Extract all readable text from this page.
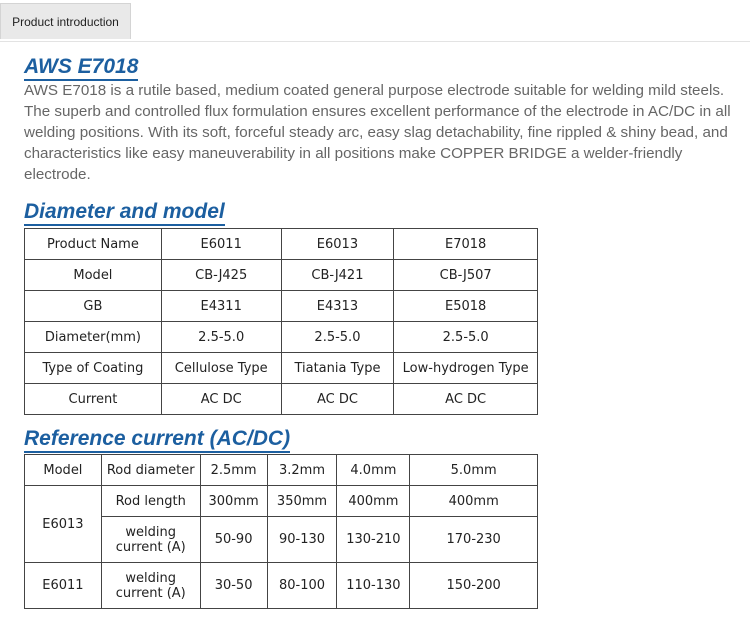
Product introduction
AWS E7018

AWS E7018 is a rutile based, medium coated general purpose electrode suitable for welding mild steels. The superb and controlled flux formulation ensures excellent performance of the electrode in AC/DC in all welding positions. With its soft, forceful steady arc, easy slag detachability, fine rippled & shiny bead, and characteristics like easy maneuverability in all positions make COPPER BRIDGE a welder-friendly electrode.

Diameter and model
Product Name	E6011	E6013	E7018
Model	CB-J425	CB-J421	CB-J507
GB	E4311	E4313	E5018
Diameter(mm)	2.5-5.0	2.5-5.0	2.5-5.0
Type of Coating	Cellulose Type	Tiatania Type	Low-hydrogen Type
Current	AC DC	AC DC	AC DC
Reference current (AC/DC)
Model	Rod diameter	2.5mm	3.2mm	4.0mm	5.0mm
E6013	Rod length	300mm	350mm	400mm	400mm
	welding current (A)	50-90	90-130	130-210	170-230
E6011	welding current (A)	30-50	80-100	110-130	150-200
